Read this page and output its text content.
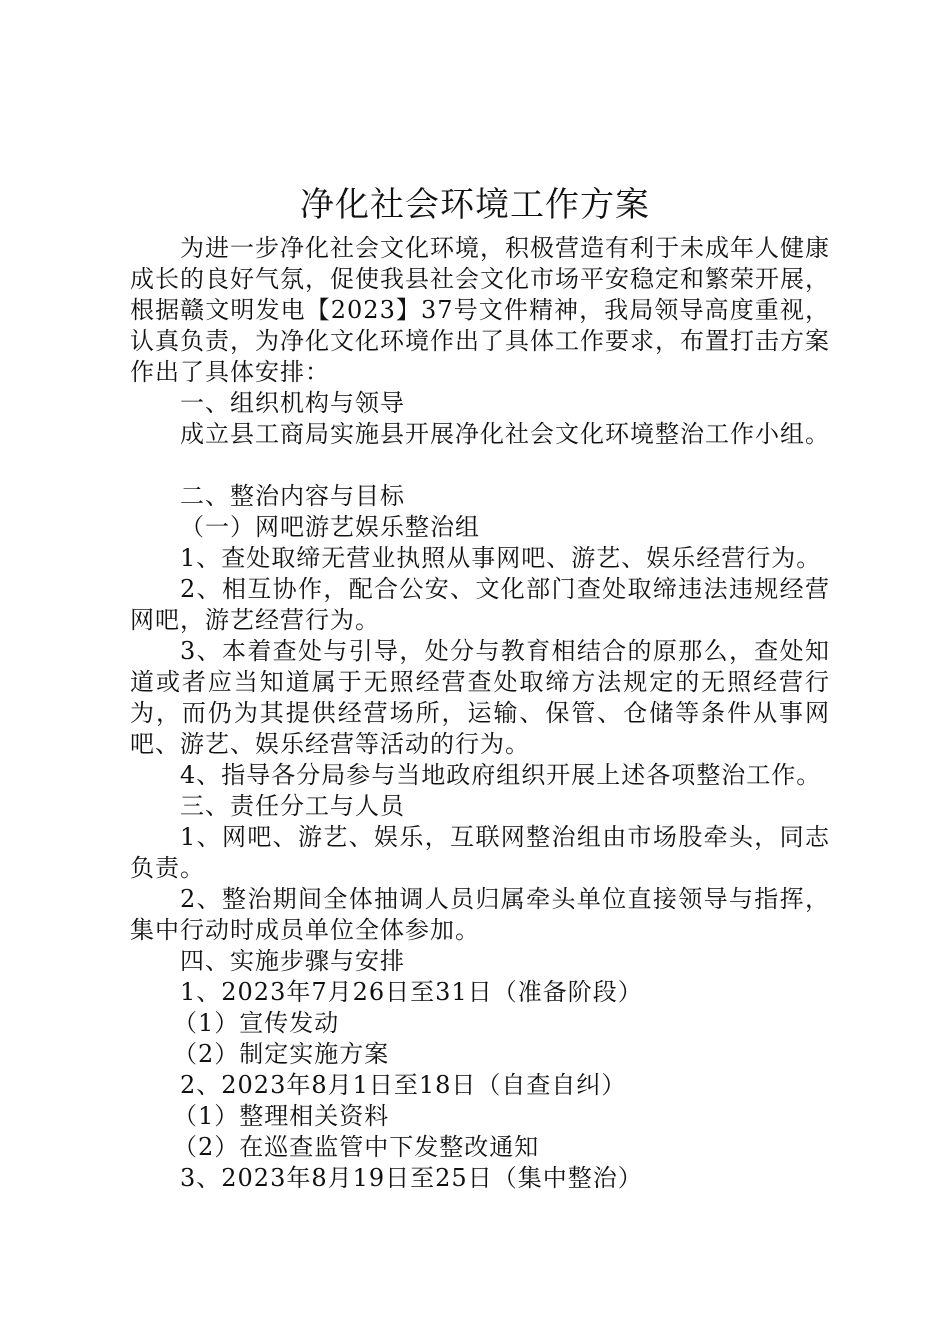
净化社会环境工作方案

为进一步净化社会文化环境，积极营造有利于未成年人健康成长的良好气氛，促使我县社会文化市场平安稳定和繁荣开展，根据赣文明发电【2023】37号文件精神，我局领导高度重视，认真负责，为净化文化环境作出了具体工作要求，布置打击方案作出了具体安排：

一、组织机构与领导

成立县工商局实施县开展净化社会文化环境整治工作小组。

二、整治内容与目标

（一）网吧游艺娱乐整治组

1、查处取缔无营业执照从事网吧、游艺、娱乐经营行为。

2、相互协作，配合公安、文化部门查处取缔违法违规经营网吧，游艺经营行为。

3、本着查处与引导，处分与教育相结合的原那么，查处知道或者应当知道属于无照经营查处取缔方法规定的无照经营行为，而仍为其提供经营场所，运输、保管、仓储等条件从事网吧、游艺、娱乐经营等活动的行为。

4、指导各分局参与当地政府组织开展上述各项整治工作。

三、责任分工与人员

1、网吧、游艺、娱乐，互联网整治组由市场股牵头，同志负责。

2、整治期间全体抽调人员归属牵头单位直接领导与指挥，集中行动时成员单位全体参加。

四、实施步骤与安排

1、2023年7月26日至31日（准备阶段）

（1）宣传发动

（2）制定实施方案

2、2023年8月1日至18日（自查自纠）

（1）整理相关资料

（2）在巡查监管中下发整改通知

3、2023年8月19日至25日（集中整治）
